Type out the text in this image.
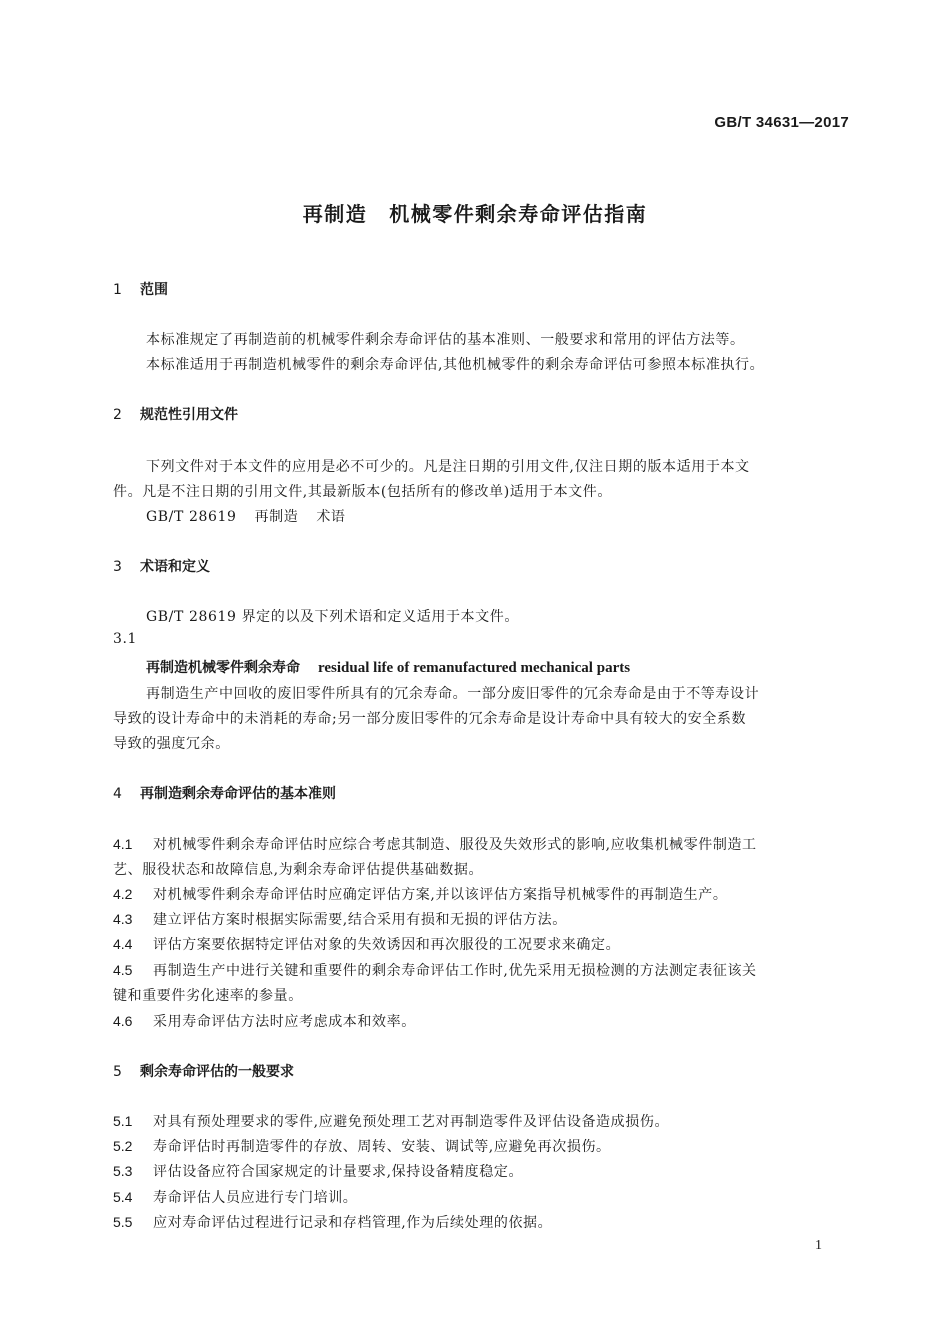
GB/T 34631—2017
再制造 机械零件剩余寿命评估指南
1 范围
本标准规定了再制造前的机械零件剩余寿命评估的基本准则、一般要求和常用的评估方法等。
本标准适用于再制造机械零件的剩余寿命评估,其他机械零件的剩余寿命评估可参照本标准执行。
2 规范性引用文件
下列文件对于本文件的应用是必不可少的。凡是注日期的引用文件,仅注日期的版本适用于本文
件。凡是不注日期的引用文件,其最新版本(包括所有的修改单)适用于本文件。
GB/T 28619 再制造 术语
3 术语和定义
GB/T 28619 界定的以及下列术语和定义适用于本文件。
3.1
再制造机械零件剩余寿命 residual life of remanufactured mechanical parts
再制造生产中回收的废旧零件所具有的冗余寿命。一部分废旧零件的冗余寿命是由于不等寿设计
导致的设计寿命中的未消耗的寿命;另一部分废旧零件的冗余寿命是设计寿命中具有较大的安全系数
导致的强度冗余。
4 再制造剩余寿命评估的基本准则
4.1 对机械零件剩余寿命评估时应综合考虑其制造、服役及失效形式的影响,应收集机械零件制造工
艺、服役状态和故障信息,为剩余寿命评估提供基础数据。
4.2 对机械零件剩余寿命评估时应确定评估方案,并以该评估方案指导机械零件的再制造生产。
4.3 建立评估方案时根据实际需要,结合采用有损和无损的评估方法。
4.4 评估方案要依据特定评估对象的失效诱因和再次服役的工况要求来确定。
4.5 再制造生产中进行关键和重要件的剩余寿命评估工作时,优先采用无损检测的方法测定表征该关
键和重要件劣化速率的参量。
4.6 采用寿命评估方法时应考虑成本和效率。
5 剩余寿命评估的一般要求
5.1 对具有预处理要求的零件,应避免预处理工艺对再制造零件及评估设备造成损伤。
5.2 寿命评估时再制造零件的存放、周转、安装、调试等,应避免再次损伤。
5.3 评估设备应符合国家规定的计量要求,保持设备精度稳定。
5.4 寿命评估人员应进行专门培训。
5.5 应对寿命评估过程进行记录和存档管理,作为后续处理的依据。
1
